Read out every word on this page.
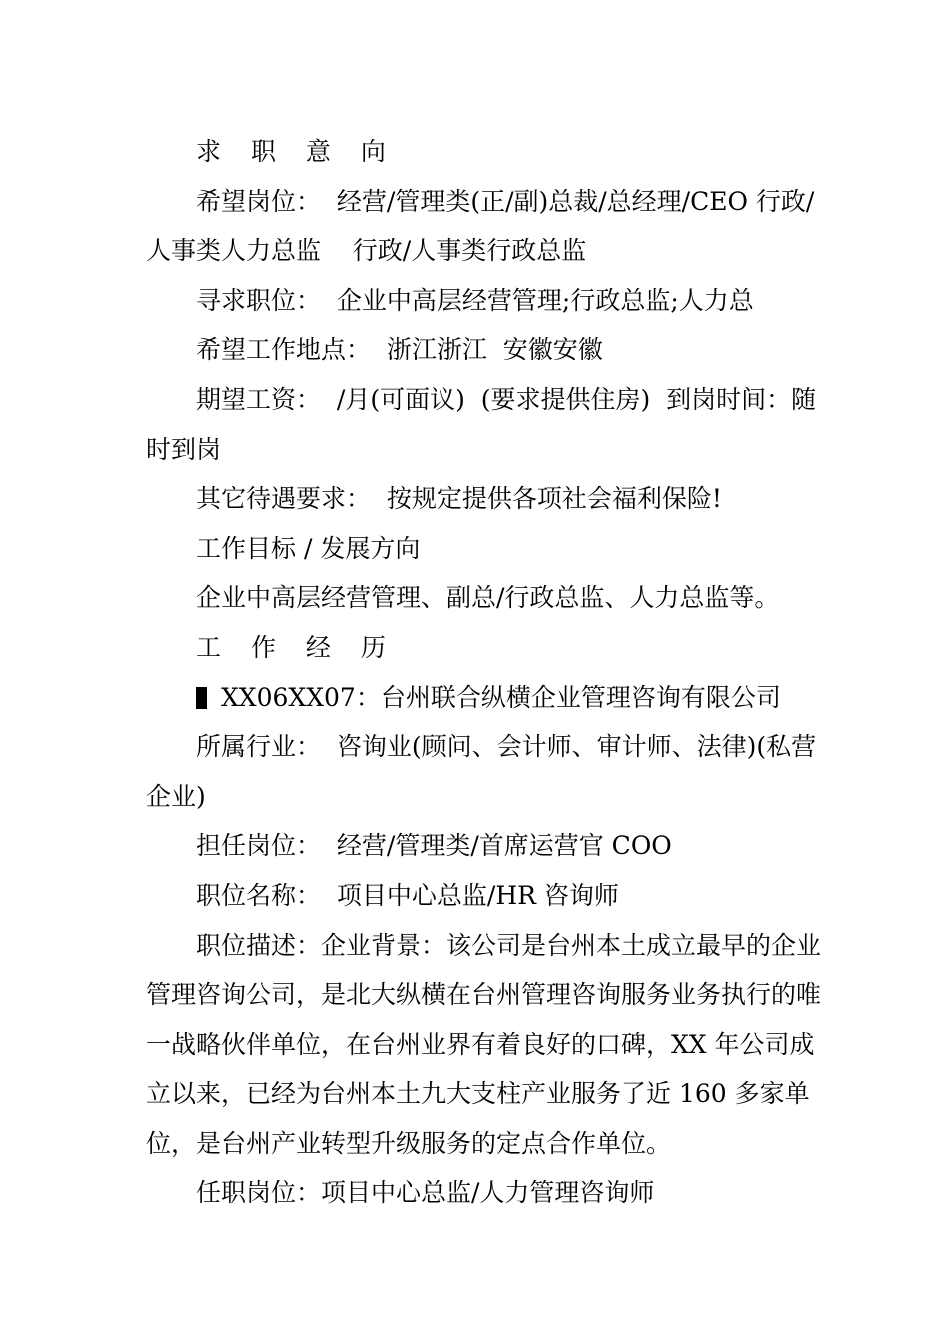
求 职 意 向

希望岗位：  经营/管理类(正/副)总裁/总经理/CEO 行政/人事类人力总监    行政/人事类行政总监

寻求职位：  企业中高层经营管理;行政总监;人力总

希望工作地点：  浙江浙江  安徽安徽

期望工资：  /月(可面议)  (要求提供住房)  到岗时间：随时到岗

其它待遇要求：  按规定提供各项社会福利保险!

工作目标 / 发展方向

企业中高层经营管理、副总/行政总监、人力总监等。

工 作 经 历

XX06XX07：台州联合纵横企业管理咨询有限公司

所属行业：  咨询业(顾问、会计师、审计师、法律)(私营企业)

担任岗位：  经营/管理类/首席运营官 COO

职位名称：  项目中心总监/HR 咨询师

职位描述：企业背景：该公司是台州本土成立最早的企业管理咨询公司，是北大纵横在台州管理咨询服务业务执行的唯一战略伙伴单位，在台州业界有着良好的口碑，XX 年公司成立以来，已经为台州本土九大支柱产业服务了近 160 多家单位，是台州产业转型升级服务的定点合作单位。

任职岗位：项目中心总监/人力管理咨询师
